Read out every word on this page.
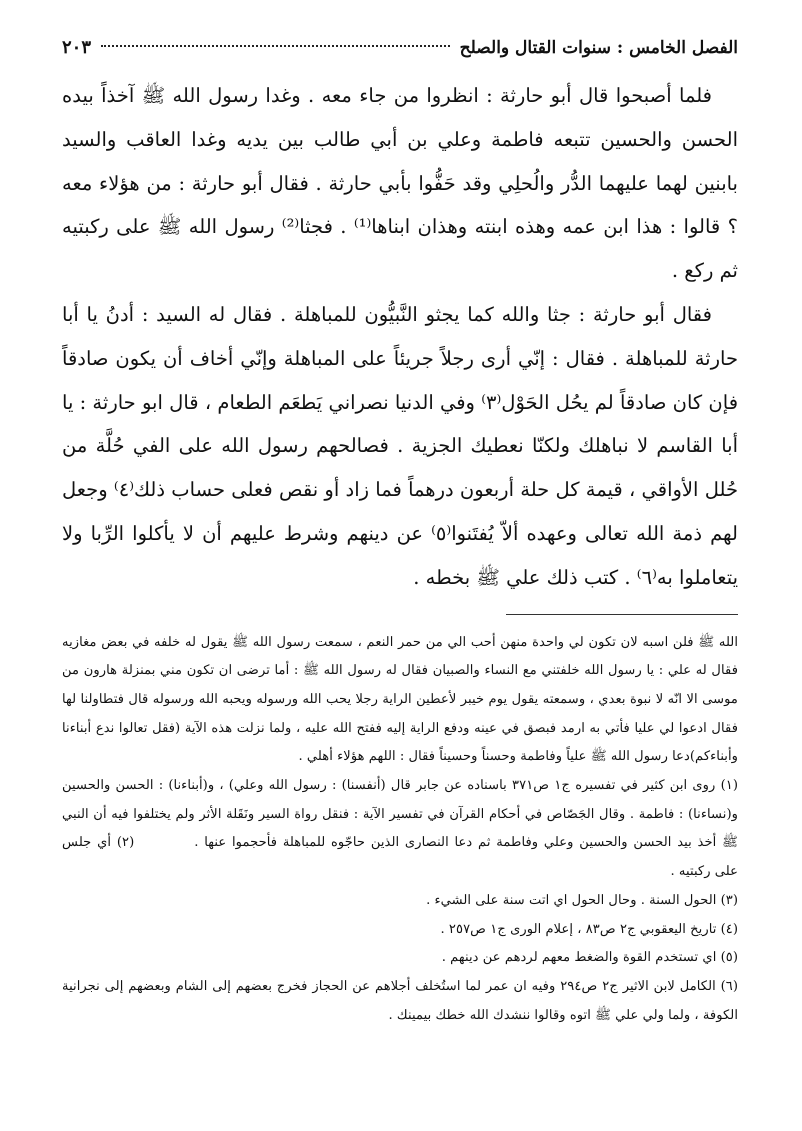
الفصل الخامس : سنوات القتال والصلح
٢٠٣

فلما أصبحوا قال أبو حارثة : انظروا من جاء معه . وغدا رسول الله ﷺ آخذاً بيده الحسن والحسين تتبعه فاطمة وعلي بن أبي طالب بين يديه وغدا العاقب والسيد بابنين لهما عليهما الدُّر والُحلِي وقد حَفُّوا بأبي حارثة . فقال أبو حارثة : من هؤلاء معه ؟ قالوا : هذا ابن عمه وهذه ابنته وهذان ابناها⁽¹⁾ . فجثا⁽²⁾ رسول الله ﷺ على ركبتيه ثم ركع .

فقال أبو حارثة : جثا والله كما يجثو النَّبيُّون للمباهلة . فقال له السيد : أدنُ يا أبا حارثة للمباهلة . فقال : إنّي أرى رجلاً جريئاً على المباهلة وإنّي أخاف أن يكون صادقاً فإن كان صادقاً لم يحُل الحَوْل⁽٣⁾ وفي الدنيا نصراني يَطعَم الطعام ، قال ابو حارثة : يا أبا القاسم لا نباهلك ولكنّا نعطيك الجزية . فصالحهم رسول الله على الفي حُلَّة من حُلل الأواقي ، قيمة كل حلة أربعون درهماً فما زاد أو نقص فعلى حساب ذلك⁽٤⁾ وجعل لهم ذمة الله تعالى وعهده ألاّ يُفتَنوا⁽٥⁾ عن دينهم وشرط عليهم أن لا يأكلوا الرِّبا ولا يتعاملوا به⁽٦⁾ . كتب ذلك علي ﷺ بخطه .

الله ﷺ فلن اسبه لان تكون لي واحدة منهن أحب الي من حمر النعم ، سمعت رسول الله ﷺ يقول له خلفه في بعض مغازيه فقال له علي : يا رسول الله خلفتني مع النساء والصبيان فقال له رسول الله ﷺ : أما ترضى ان تكون مني بمنزلة هارون من موسى الا انّه لا نبوة بعدي ، وسمعته يقول يوم خيبر لأعطين الراية رجلا يحب الله ورسوله ويحبه الله ورسوله قال فتطاولنا لها فقال ادعوا لي عليا فأتي به ارمد فبصق في عينه ودفع الراية إليه ففتح الله عليه ، ولما نزلت هذه الآية (فقل تعالوا ندع أبناءنا وأبناءكم)دعا رسول الله ﷺ علياً وفاطمة وحسناً وحسيناً فقال : اللهم هؤلاء أهلي .

(١) روى ابن كثير في تفسيره ج١ ص٣٧١ باسناده عن جابر قال (أنفسنا) : رسول الله وعلي) ، و(أبناءنا) : الحسن والحسين و(نساءنا) : فاطمة . وقال الجَصّاص في أحكام القرآن في تفسير الآية : فنقل رواة السير ونَقَلة الأثر ولم يختلفوا فيه أن النبي ﷺ أخذ بيد الحسن والحسين وعلي وفاطمة ثم دعا النصارى الذين حاجّوه للمباهلة فأحجموا عنها .(٢) أي جلس على ركبتيه .

(٣) الحول السنة . وحال الحول اي اتت سنة على الشيء .

(٤) تاريخ اليعقوبي ج٢ ص٨٣ ، إعلام الورى ج١ ص٢٥٧ .

(٥) اي تستخدم القوة والضغط معهم لردهم عن دينهم .

(٦) الكامل لابن الاثير ج٢ ص٢٩٤ وفيه ان عمر لما استُخلف أجلاهم عن الحجاز فخرج بعضهم إلى الشام وبعضهم إلى نجرانية الكوفة ، ولما ولي علي ﷺ اتوه وقالوا ننشدك الله خطك بيمينك .
